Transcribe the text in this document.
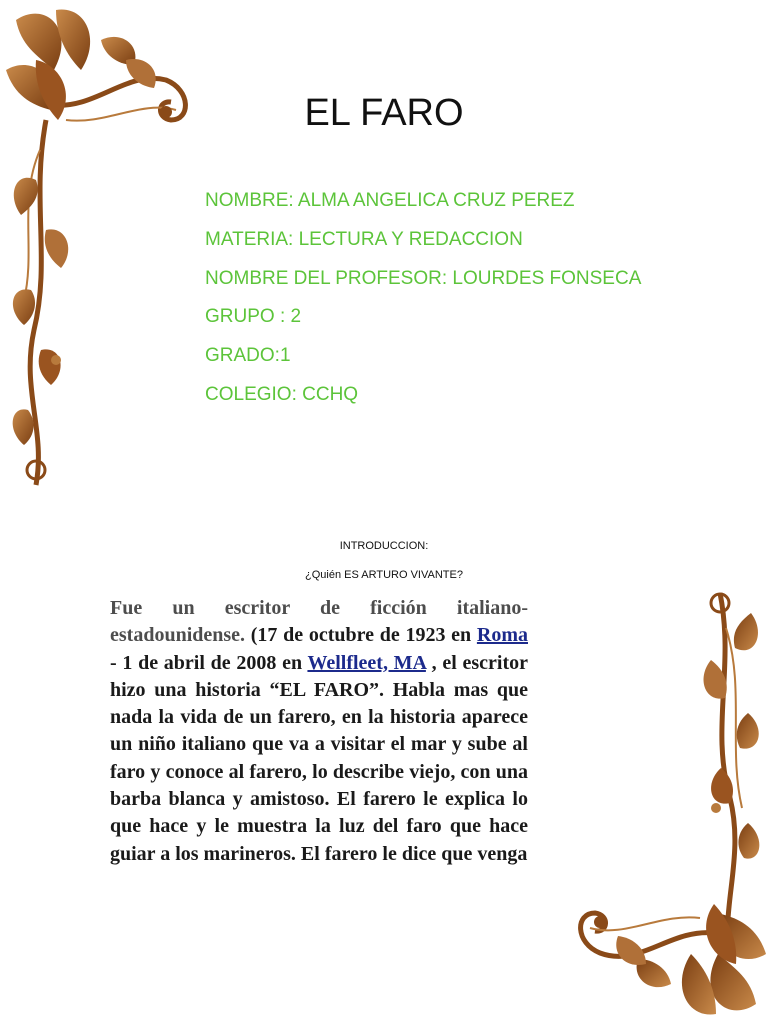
EL FARO
NOMBRE: ALMA ANGELICA CRUZ PEREZ
MATERIA: LECTURA Y REDACCION
NOMBRE DEL PROFESOR: LOURDES FONSECA
GRUPO : 2
GRADO:1
COLEGIO: CCHQ
INTRODUCCION:
¿Quién ES ARTURO VIVANTE?
Fue un escritor de ficción italiano-estadounidense. (17 de octubre de 1923 en Roma - 1 de abril de 2008 en Wellfleet, MA , el escritor hizo una historia “EL FARO”. Habla mas que nada la vida de un farero, en la historia aparece un niño italiano que va a visitar el mar y sube al faro y conoce al farero, lo describe viejo, con una barba blanca y amistoso. El farero le explica lo que hace y le muestra la luz del faro que hace guiar a los marineros. El farero le dice que venga
